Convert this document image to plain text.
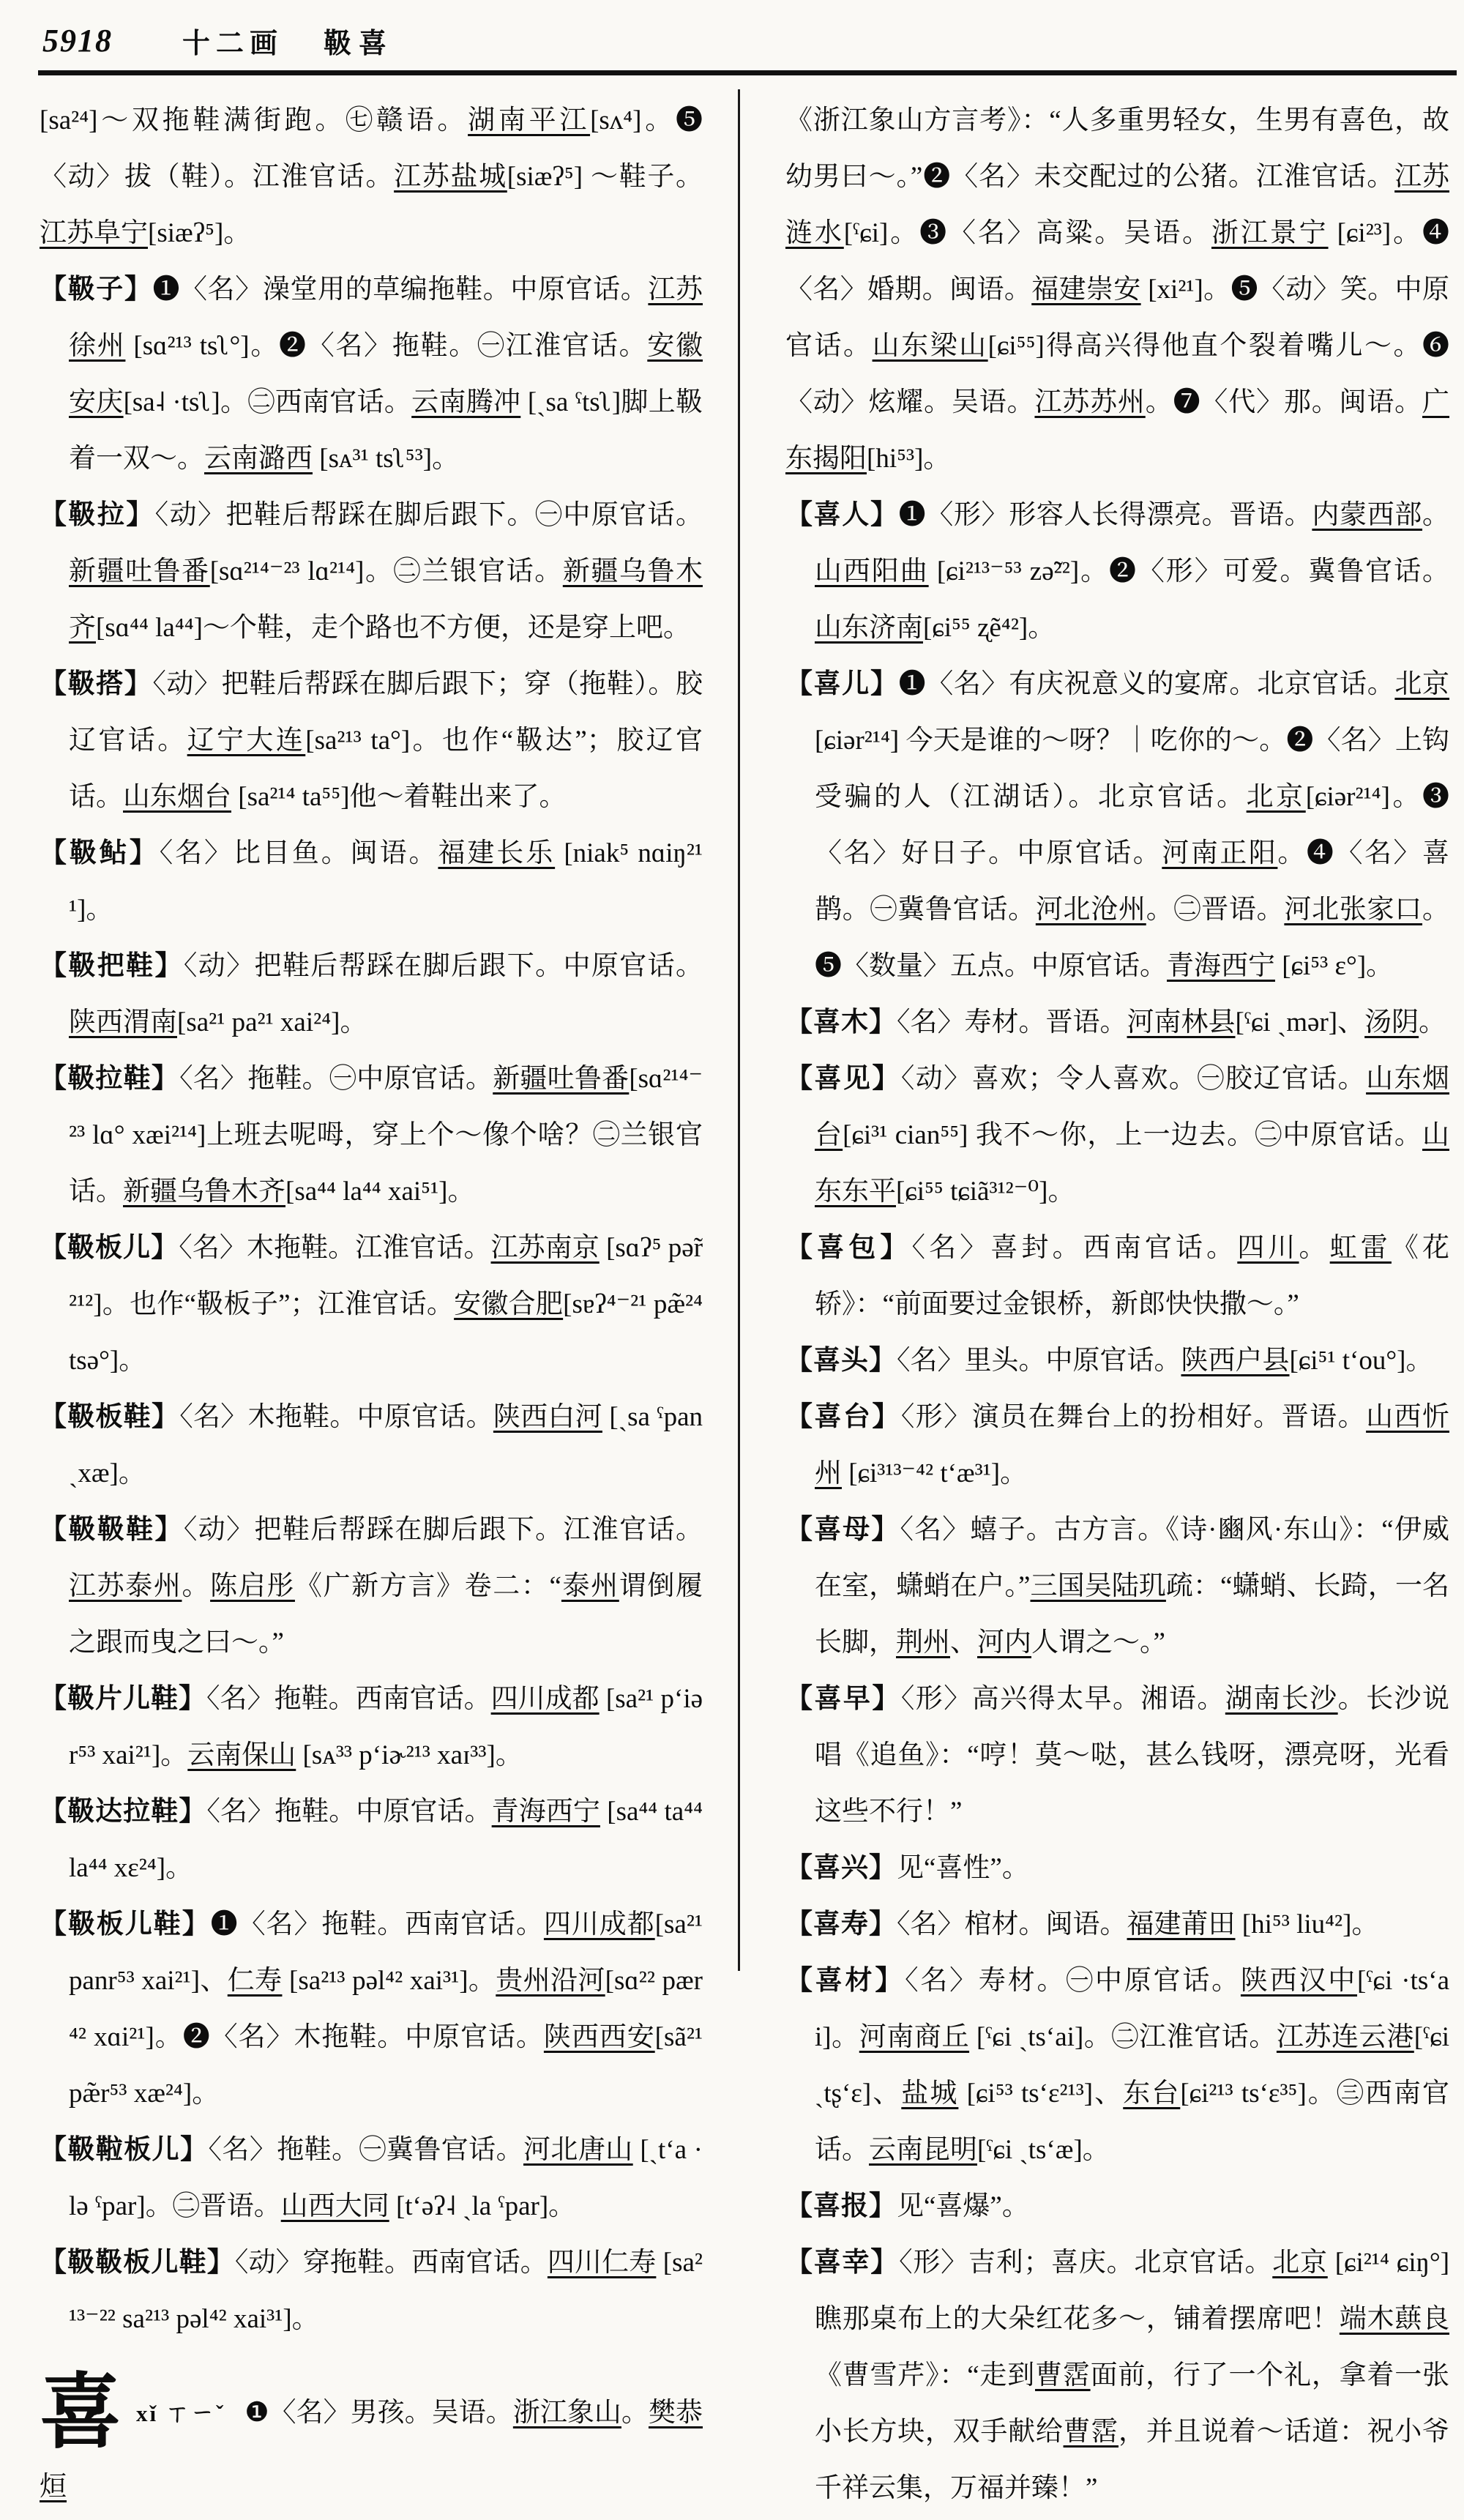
5918	十二画 靸喜

[sa²⁴]～双拖鞋满街跑。㊆赣语。湖南平江[sʌ⁴]。❺〈动〉拔（鞋）。江淮官话。江苏盐城[siæʔ⁵] ～鞋子。江苏阜宁[siæʔ⁵]。

【靸子】❶〈名〉澡堂用的草编拖鞋。中原官话。江苏徐州 [sɑ²¹³ tsʅ°]。❷〈名〉拖鞋。㊀江淮官话。安徽安庆[sa˨ ·tsʅ]。㊁西南官话。云南腾冲 [ˏsa ˤtsʅ]脚上靸着一双～。云南潞西 [sᴀ³¹ tsʅ⁵³]。

【靸拉】〈动〉把鞋后帮踩在脚后跟下。㊀中原官话。新疆吐鲁番[sɑ²¹⁴⁻²³ lɑ²¹⁴]。㊁兰银官话。新疆乌鲁木齐[sɑ⁴⁴ la⁴⁴]～个鞋，走个路也不方便，还是穿上吧。

【靸搭】〈动〉把鞋后帮踩在脚后跟下；穿（拖鞋）。胶辽官话。辽宁大连[sa²¹³ ta°]。也作“靸达”；胶辽官话。山东烟台 [sa²¹⁴ ta⁵⁵]他～着鞋出来了。

【靸鲇】〈名〉比目鱼。闽语。福建长乐 [niak⁵ nɑiŋ²¹¹]。

【靸把鞋】〈动〉把鞋后帮踩在脚后跟下。中原官话。陕西渭南[sa²¹ pa²¹ xai²⁴]。

【靸拉鞋】〈名〉拖鞋。㊀中原官话。新疆吐鲁番[sɑ²¹⁴⁻²³ lɑ° xæi²¹⁴]上班去呢呣，穿上个～像个啥？㊁兰银官话。新疆乌鲁木齐[sa⁴⁴ la⁴⁴ xai⁵¹]。

【靸板儿】〈名〉木拖鞋。江淮官话。江苏南京 [sɑʔ⁵ pə̃r²¹²]。也作“靸板子”；江淮官话。安徽合肥[sɐʔ⁴⁻²¹ pæ̃²⁴ tsə°]。

【靸板鞋】〈名〉木拖鞋。中原官话。陕西白河 [ˏsa ˤpan ˏxæ]。

【靸靸鞋】〈动〉把鞋后帮踩在脚后跟下。江淮官话。江苏泰州。陈启彤《广新方言》卷二：“泰州谓倒履之跟而曳之曰～。”

【靸片儿鞋】〈名〉拖鞋。西南官话。四川成都 [sa²¹ pʻiər⁵³ xai²¹]。云南保山 [sᴀ³³ pʻiɚ²¹³ xaɪ³³]。

【靸达拉鞋】〈名〉拖鞋。中原官话。青海西宁 [sa⁴⁴ ta⁴⁴ la⁴⁴ xɛ²⁴]。

【靸板儿鞋】❶〈名〉拖鞋。西南官话。四川成都[sa²¹ panr⁵³ xai²¹]、仁寿 [sa²¹³ pəl⁴² xai³¹]。贵州沿河[sɑ²² pær⁴² xɑi²¹]。❷〈名〉木拖鞋。中原官话。陕西西安[sã²¹ pæ̃r⁵³ xæ²⁴]。

【靸鞡板儿】〈名〉拖鞋。㊀冀鲁官话。河北唐山 [ˏtʻa ·lə ˤpar]。㊁晋语。山西大同 [tʻəʔ˨ ˏla ˤpar]。

【靸靸板儿鞋】〈动〉穿拖鞋。西南官话。四川仁寿 [sa²¹³⁻²² sa²¹³ pəl⁴² xai³¹]。

喜xǐ ㄒㄧˇ ❶〈名〉男孩。吴语。浙江象山。樊恭烜

《浙江象山方言考》：“人多重男轻女，生男有喜色，故幼男曰～。”❷〈名〉未交配过的公猪。江淮官话。江苏涟水[ˤɕi]。❸〈名〉高粱。吴语。浙江景宁 [ɕi²³]。❹〈名〉婚期。闽语。福建崇安 [xi²¹]。❺〈动〉笑。中原官话。山东梁山[ɕi⁵⁵]得高兴得他直个裂着嘴儿～。❻〈动〉炫耀。吴语。江苏苏州。❼〈代〉那。闽语。广东揭阳[hi⁵³]。

【喜人】❶〈形〉形容人长得漂亮。晋语。内蒙西部。山西阳曲 [ɕi²¹³⁻⁵³ zə̃²²]。❷〈形〉可爱。冀鲁官话。山东济南[ɕi⁵⁵ ʐẽ⁴²]。

【喜儿】❶〈名〉有庆祝意义的宴席。北京官话。北京[ɕiər²¹⁴] 今天是谁的～呀？｜吃你的～。❷〈名〉上钩受骗的人（江湖话）。北京官话。北京[ɕiər²¹⁴]。❸〈名〉好日子。中原官话。河南正阳。❹〈名〉喜鹊。㊀冀鲁官话。河北沧州。㊁晋语。河北张家口。❺〈数量〉五点。中原官话。青海西宁 [ɕi⁵³ ɛ°]。

【喜木】〈名〉寿材。晋语。河南林县[ˤɕi ˏmər]、汤阴。

【喜见】〈动〉喜欢；令人喜欢。㊀胶辽官话。山东烟台[ɕi³¹ cian⁵⁵] 我不～你，上一边去。㊁中原官话。山东东平[ɕi⁵⁵ tɕiã³¹²⁻⁰]。

【喜包】〈名〉喜封。西南官话。四川。虹雷《花轿》：“前面要过金银桥，新郎快快撒～。”

【喜头】〈名〉里头。中原官话。陕西户县[ɕi⁵¹ tʻou°]。

【喜台】〈形〉演员在舞台上的扮相好。晋语。山西忻州 [ɕi³¹³⁻⁴² tʻæ³¹]。

【喜母】〈名〉蟢子。古方言。《诗·豳风·东山》：“伊威在室，蟏蛸在户。”三国吴陆玑疏：“蟏蛸、长踦，一名长脚，荆州、河内人谓之～。”

【喜早】〈形〉高兴得太早。湘语。湖南长沙。长沙说唱《追鱼》：“哼！莫～哒，甚么钱呀，漂亮呀，光看这些不行！”

【喜兴】见“喜性”。

【喜寿】〈名〉棺材。闽语。福建莆田 [hi⁵³ liu⁴²]。

【喜材】〈名〉寿材。㊀中原官话。陕西汉中[ˤɕi ·tsʻai]。河南商丘 [ˤɕi ˏtsʻai]。㊁江淮官话。江苏连云港[ˤɕi ˏtʂʻɛ]、盐城 [ɕi⁵³ tsʻɛ²¹³]、东台[ɕi²¹³ tsʻɛ³⁵]。㊂西南官话。云南昆明[ˤɕi ˏtsʻæ]。

【喜报】见“喜爆”。

【喜幸】〈形〉吉利；喜庆。北京官话。北京 [ɕi²¹⁴ ɕiŋ°] 瞧那桌布上的大朵红花多～，铺着摆席吧！端木蕻良《曹雪芹》：“走到曹霑面前，行了一个礼，拿着一张小长方块，双手献给曹霑，并且说着～话道：祝小爷千祥云集，万福并臻！”
